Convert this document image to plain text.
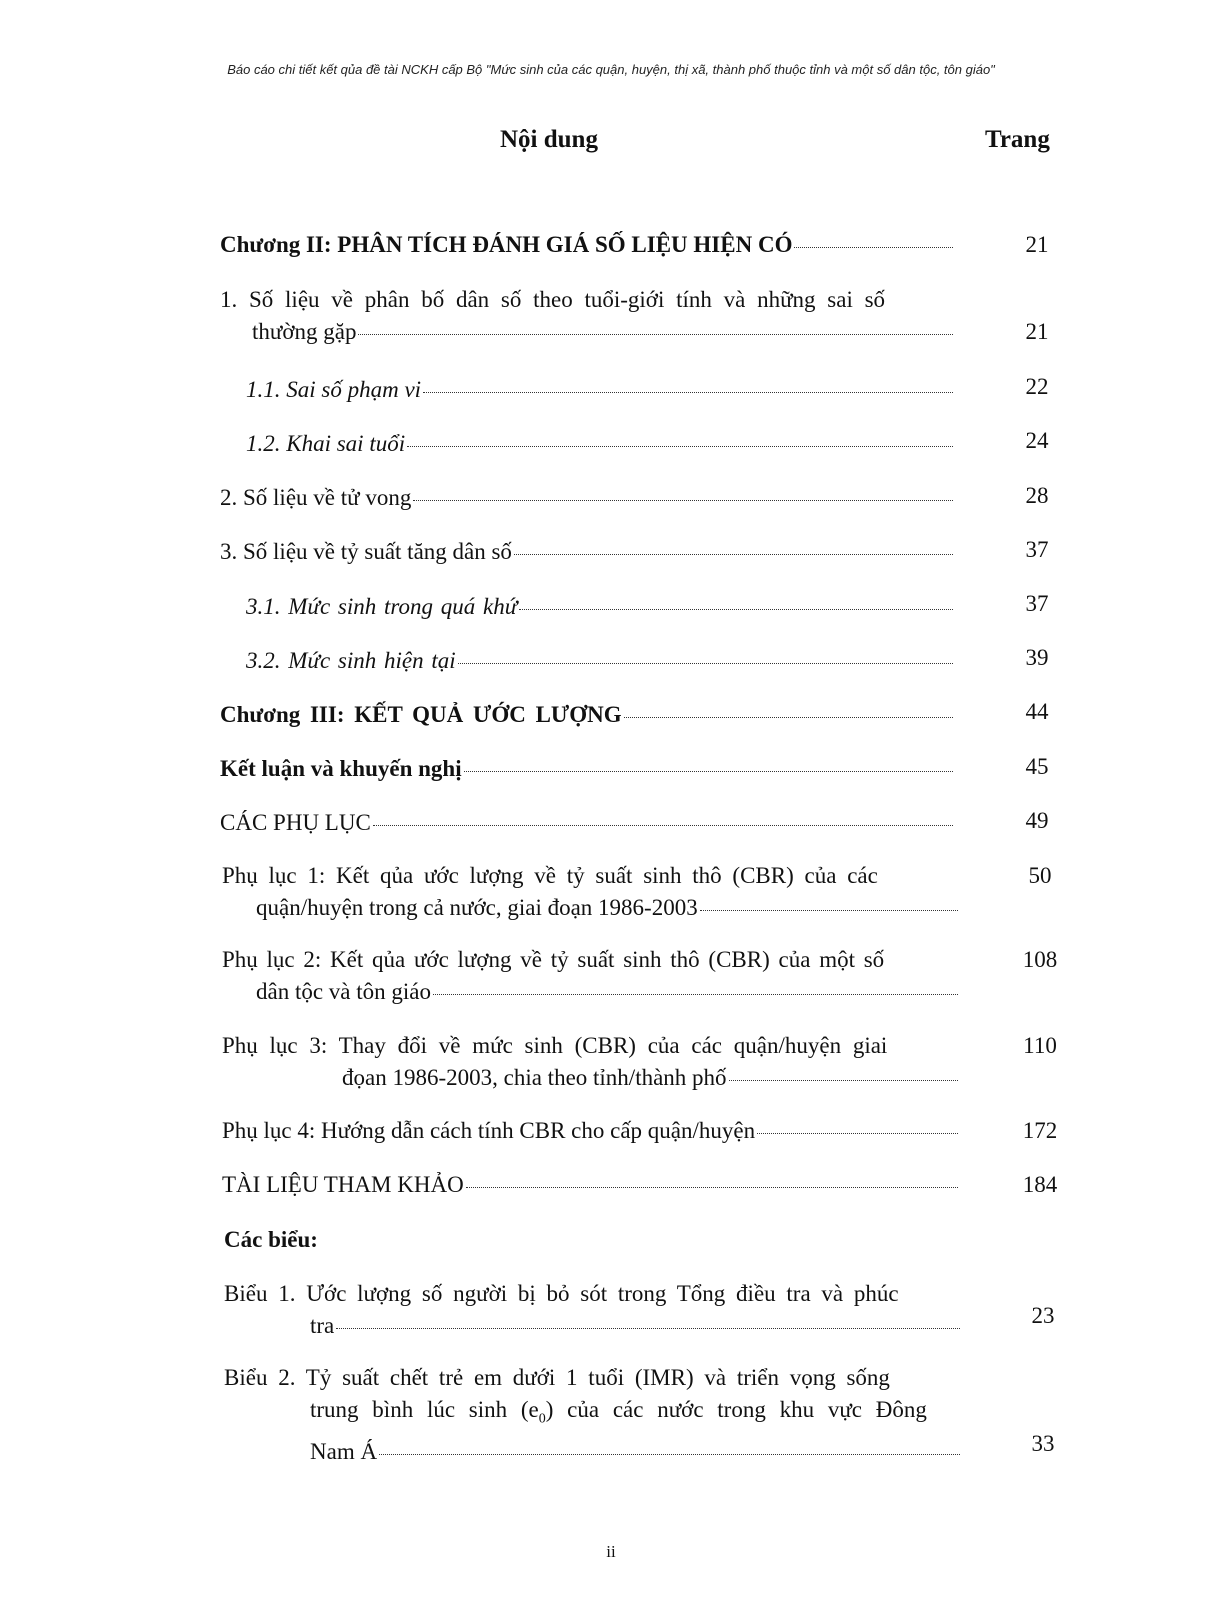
Báo cáo chi tiết kết qủa đề tài NCKH cấp Bộ "Mức sinh của các quận, huyện, thị xã, thành phố thuộc tỉnh và một số dân tộc, tôn giáo"
Nội dung	Trang
Chương II: PHÂN TÍCH ĐÁNH GIÁ SỐ LIỆU HIỆN CÓ	21
1. Số liệu về phân bố dân số theo tuổi-giới tính và những sai số
thường gặp	21
1.1. Sai số phạm vi	22
1.2. Khai sai tuổi	24
2. Số liệu về tử vong	28
3. Số liệu về tỷ suất tăng dân số	37
3.1. Mức sinh trong quá khứ	37
3.2. Mức sinh hiện tại	39
Chương III: KẾT QUẢ ƯỚC LƯỢNG	44
Kết luận và khuyến nghị	45
CÁC PHỤ LỤC	49
Phụ lục 1: Kết qủa ước lượng về tỷ suất sinh thô (CBR) của các
quận/huyện trong cả nước, giai đoạn 1986-2003
50
Phụ lục 2: Kết qủa ước lượng về tỷ suất sinh thô (CBR) của một số
dân tộc và tôn giáo
108
Phụ lục 3: Thay đổi về mức sinh (CBR) của các quận/huyện giai
đọan 1986-2003, chia theo tỉnh/thành phố
110
Phụ lục 4: Hướng dẫn cách tính CBR cho cấp quận/huyện	172
TÀI LIỆU THAM KHẢO	184
Các biểu:
Biểu 1. Ước lượng số người bị bỏ sót trong Tổng điều tra và phúc
tra	23
Biểu 2. Tỷ suất chết trẻ em dưới 1 tuổi (IMR) và triển vọng sống
trung bình lúc $\sinh (e_0)$ của các nước trong khu vực Đông
Nam Á	33
ii
